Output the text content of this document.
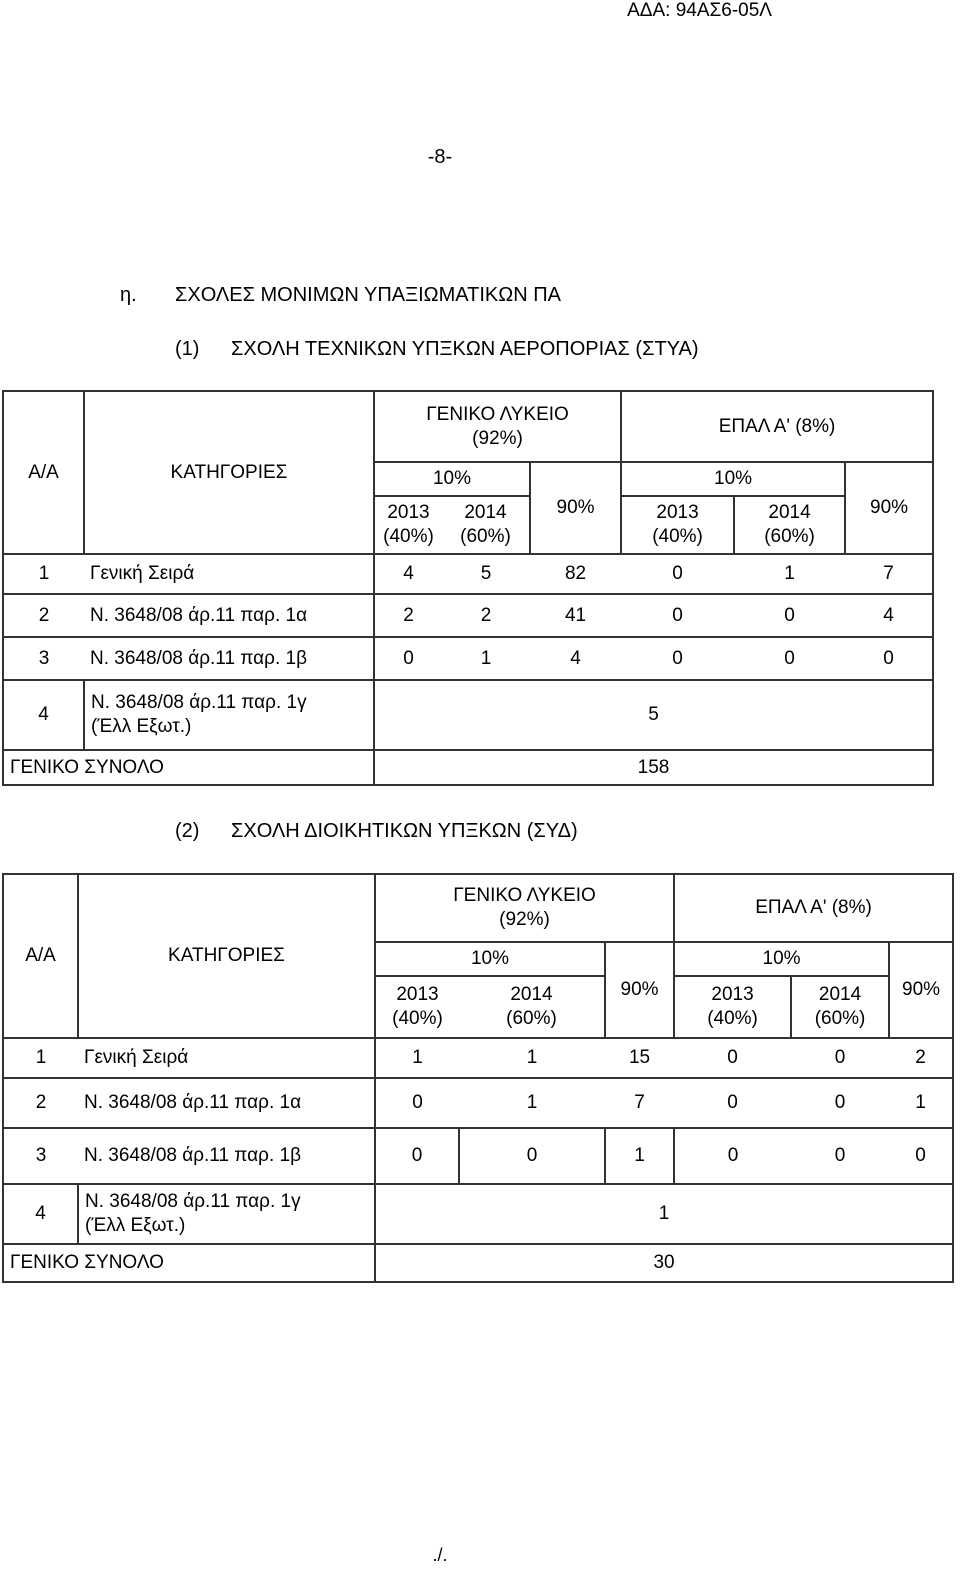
ΑΔΑ: 94ΑΣ6-05Λ
-8-
η. ΣΧΟΛΕΣ ΜΟΝΙΜΩΝ ΥΠΑΞΙΩΜΑΤΙΚΩΝ ΠΑ
(1) ΣΧΟΛΗ ΤΕΧΝΙΚΩΝ ΥΠΞΚΩΝ ΑΕΡΟΠΟΡΙΑΣ (ΣΤΥΑ)
Α/Α	ΚΑΤΗΓΟΡΙΕΣ	ΓΕΝΙΚΟ ΛΥΚΕΙΟ
(92%)			ΕΠΑΛ Α' (8%)		
		10%		90%	10%		90%
		2013
(40%)	2014
(60%)		2013
(40%)	2014
(60%)	
1	Γενική Σειρά	4	5	82	0	1	7
2	Ν. 3648/08 άρ.11 παρ. 1α	2	2	41	0	0	4
3	Ν. 3648/08 άρ.11 παρ. 1β	0	1	4	0	0	0
4	Ν. 3648/08 άρ.11 παρ. 1γ
(Έλλ Εξωτ.)	5					
ΓΕΝΙΚΟ ΣΥΝΟΛΟ		158					
(2) ΣΧΟΛΗ ΔΙΟΙΚΗΤΙΚΩΝ ΥΠΞΚΩΝ (ΣΥΔ)
Α/Α	ΚΑΤΗΓΟΡΙΕΣ	ΓΕΝΙΚΟ ΛΥΚΕΙΟ
(92%)			ΕΠΑΛ Α' (8%)		
		10%		90%	10%		90%
		2013
(40%)	2014
(60%)		2013
(40%)	2014
(60%)	
1	Γενική Σειρά	1	1	15	0	0	2
2	Ν. 3648/08 άρ.11 παρ. 1α	0	1	7	0	0	1
3	Ν. 3648/08 άρ.11 παρ. 1β	0	0	1	0	0	0
4	Ν. 3648/08 άρ.11 παρ. 1γ
(Έλλ Εξωτ.)	1					
ΓΕΝΙΚΟ ΣΥΝΟΛΟ		30					
./.
